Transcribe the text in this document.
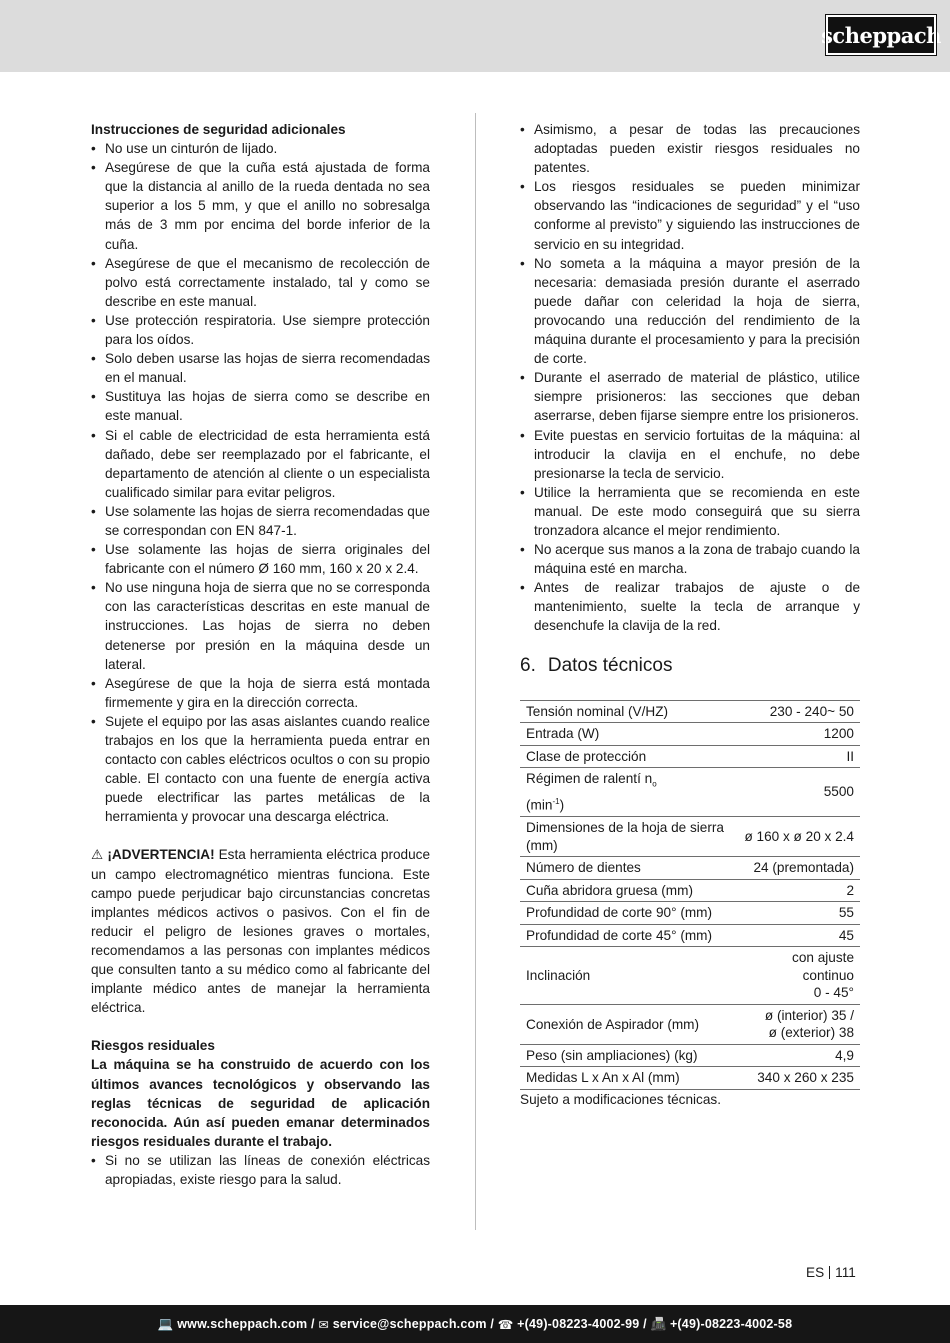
scheppach

Instrucciones de seguridad adicionales

• No use un cinturón de lijado.
• Asegúrese de que la cuña está ajustada de forma que la distancia al anillo de la rueda dentada no sea superior a los 5 mm, y que el anillo no sobresalga más de 3 mm por encima del borde inferior de la cuña.
• Asegúrese de que el mecanismo de recolección de polvo está correctamente instalado, tal y como se describe en este manual.
• Use protección respiratoria. Use siempre protección para los oídos.
• Solo deben usarse las hojas de sierra recomendadas en el manual.
• Sustituya las hojas de sierra como se describe en este manual.
• Si el cable de electricidad de esta herramienta está dañado, debe ser reemplazado por el fabricante, el departamento de atención al cliente o un especialista cualificado similar para evitar peligros.
• Use solamente las hojas de sierra recomendadas que se correspondan con EN 847-1.
• Use solamente las hojas de sierra originales del fabricante con el número Ø 160 mm, 160 x 20 x 2.4.
• No use ninguna hoja de sierra que no se corresponda con las características descritas en este manual de instrucciones. Las hojas de sierra no deben detenerse por presión en la máquina desde un lateral.
• Asegúrese de que la hoja de sierra está montada firmemente y gira en la dirección correcta.
• Sujete el equipo por las asas aislantes cuando realice trabajos en los que la herramienta pueda entrar en contacto con cables eléctricos ocultos o con su propio cable. El contacto con una fuente de energía activa puede electrificar las partes metálicas de la herramienta y provocar una descarga eléctrica.

⚠ ¡ADVERTENCIA! Esta herramienta eléctrica produce un campo electromagnético mientras funciona. Este campo puede perjudicar bajo circunstancias concretas implantes médicos activos o pasivos. Con el fin de reducir el peligro de lesiones graves o mortales, recomendamos a las personas con implantes médicos que consulten tanto a su médico como al fabricante del implante médico antes de manejar la herramienta eléctrica.

Riesgos residuales

La máquina se ha construido de acuerdo con los últimos avances tecnológicos y observando las reglas técnicas de seguridad de aplicación reconocida. Aún así pueden emanar determinados riesgos residuales durante el trabajo.

• Si no se utilizan las líneas de conexión eléctricas apropiadas, existe riesgo para la salud.
• Asimismo, a pesar de todas las precauciones adoptadas pueden existir riesgos residuales no patentes.
• Los riesgos residuales se pueden minimizar observando las “indicaciones de seguridad” y el “uso conforme al previsto” y siguiendo las instrucciones de servicio en su integridad.
• No someta a la máquina a mayor presión de la necesaria: demasiada presión durante el aserrado puede dañar con celeridad la hoja de sierra, provocando una reducción del rendimiento de la máquina durante el procesamiento y para la precisión de corte.
• Durante el aserrado de material de plástico, utilice siempre prisioneros: las secciones que deban aserrarse, deben fijarse siempre entre los prisioneros.
• Evite puestas en servicio fortuitas de la máquina: al introducir la clavija en el enchufe, no debe presionarse la tecla de servicio.
• Utilice la herramienta que se recomienda en este manual. De este modo conseguirá que su sierra tronzadora alcance el mejor rendimiento.
• No acerque sus manos a la zona de trabajo cuando la máquina esté en marcha.
• Antes de realizar trabajos de ajuste o de mantenimiento, suelte la tecla de arranque y desenchufe la clavija de la red.
6. Datos técnicos
Tensión nominal (V/HZ)	230 - 240~ 50
Entrada (W)	1200
Clase de protección	II
Régimen de ralentí $n_o$
$(\min^{-1})$	5500
Dimensiones de la hoja de sierra (mm)	ø 160 x ø 20 x 2.4
Número de dientes	24 (premontada)
Cuña abridora gruesa (mm)	2
Profundidad de corte 90° (mm)	55
Profundidad de corte 45° (mm)	45
Inclinación	con ajuste continuo
0 - 45°
Conexión de Aspirador (mm)	ø (interior) 35 /
ø (exterior) 38
Peso (sin ampliaciones) (kg)	4,9
Medidas L x An x Al (mm)	340 x 260 x 235

Sujeto a modificaciones técnicas.

ES 111
💻
www.scheppach.com / ✉
service@scheppach.com / ☎
+(49)-08223-4002-99 / 📠
+(49)-08223-4002-58
